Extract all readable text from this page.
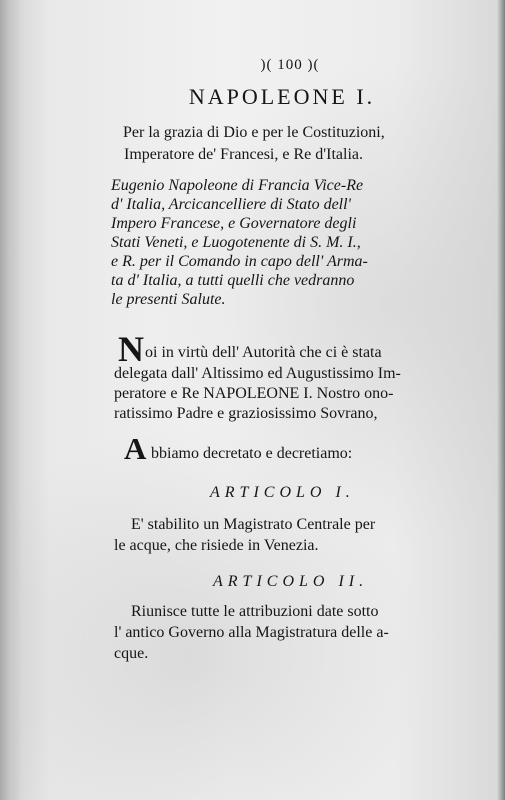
)( 100 )(
NAPOLEONE I.
Per la grazia di Dio e per le Costituzioni,
Imperatore de' Francesi, e Re d'Italia.
Eugenio Napoleone di Francia Vice-Re
d' Italia, Arcicancelliere di Stato dell'
Impero Francese, e Governatore degli
Stati Veneti, e Luogotenente di S. M. I.,
e R. per il Comando in capo dell' Arma-
ta d' Italia, a tutti quelli che vedranno
le presenti Salute.
N oi in virtù dell' Autorità che ci è stata
delegata dall' Altissimo ed Augustissimo Im-
peratore e Re NAPOLEONE I. Nostro ono-
ratissimo Padre e graziosissimo Sovrano,
A bbiamo decretato e decretiamo:
ARTICOLO I.
E' stabilito un Magistrato Centrale per
le acque, che risiede in Venezia.
ARTICOLO II.
Riunisce tutte le attribuzioni date sotto
l' antico Governo alla Magistratura delle a-
cque.
